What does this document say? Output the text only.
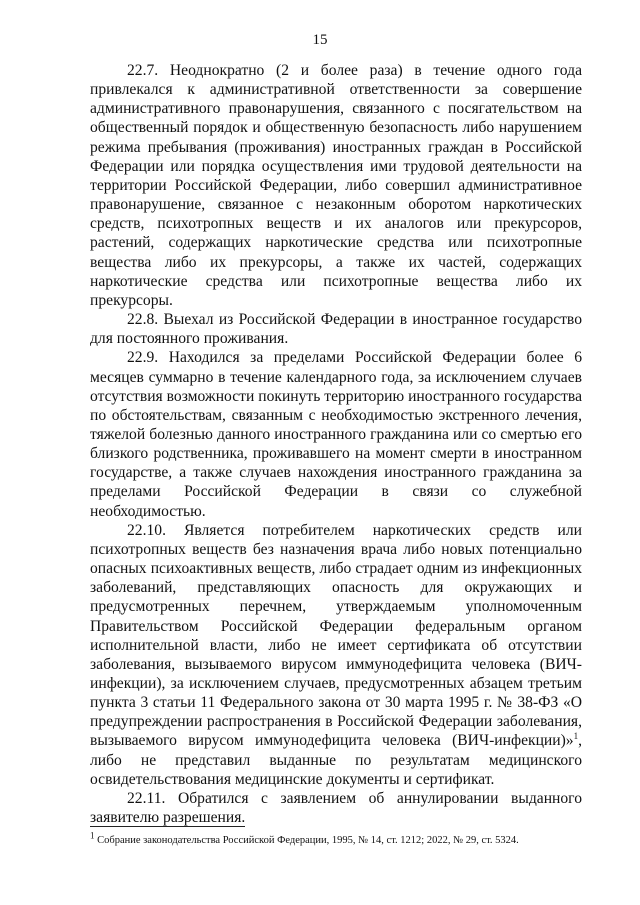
15

22.7. Неоднократно (2 и более раза) в течение одного года привлекался к административной ответственности за совершение административного правонарушения, связанного с посягательством на общественный порядок и общественную безопасность либо нарушением режима пребывания (проживания) иностранных граждан в Российской Федерации или порядка осуществления ими трудовой деятельности на территории Российской Федерации, либо совершил административное правонарушение, связанное с незаконным оборотом наркотических средств, психотропных веществ и их аналогов или прекурсоров, растений, содержащих наркотические средства или психотропные вещества либо их прекурсоры, а также их частей, содержащих наркотические средства или психотропные вещества либо их прекурсоры.

22.8. Выехал из Российской Федерации в иностранное государство для постоянного проживания.

22.9. Находился за пределами Российской Федерации более 6 месяцев суммарно в течение календарного года, за исключением случаев отсутствия возможности покинуть территорию иностранного государства по обстоятельствам, связанным с необходимостью экстренного лечения, тяжелой болезнью данного иностранного гражданина или со смертью его близкого родственника, проживавшего на момент смерти в иностранном государстве, а также случаев нахождения иностранного гражданина за пределами Российской Федерации в связи со служебной необходимостью.

22.10. Является потребителем наркотических средств или психотропных веществ без назначения врача либо новых потенциально опасных психоактивных веществ, либо страдает одним из инфекционных заболеваний, представляющих опасность для окружающих и предусмотренных перечнем, утверждаемым уполномоченным Правительством Российской Федерации федеральным органом исполнительной власти, либо не имеет сертификата об отсутствии заболевания, вызываемого вирусом иммунодефицита человека (ВИЧ-инфекции), за исключением случаев, предусмотренных абзацем третьим пункта 3 статьи 11 Федерального закона от 30 марта 1995 г. № 38-ФЗ «О предупреждении распространения в Российской Федерации заболевания, вызываемого вирусом иммунодефицита человека (ВИЧ-инфекции)»$^1$, либо не представил выданные по результатам медицинского освидетельствования медицинские документы и сертификат.

22.11. Обратился с заявлением об аннулировании выданного заявителю разрешения.

$^1$ Собрание законодательства Российской Федерации, 1995, № 14, ст. 1212; 2022, № 29, ст. 5324.
